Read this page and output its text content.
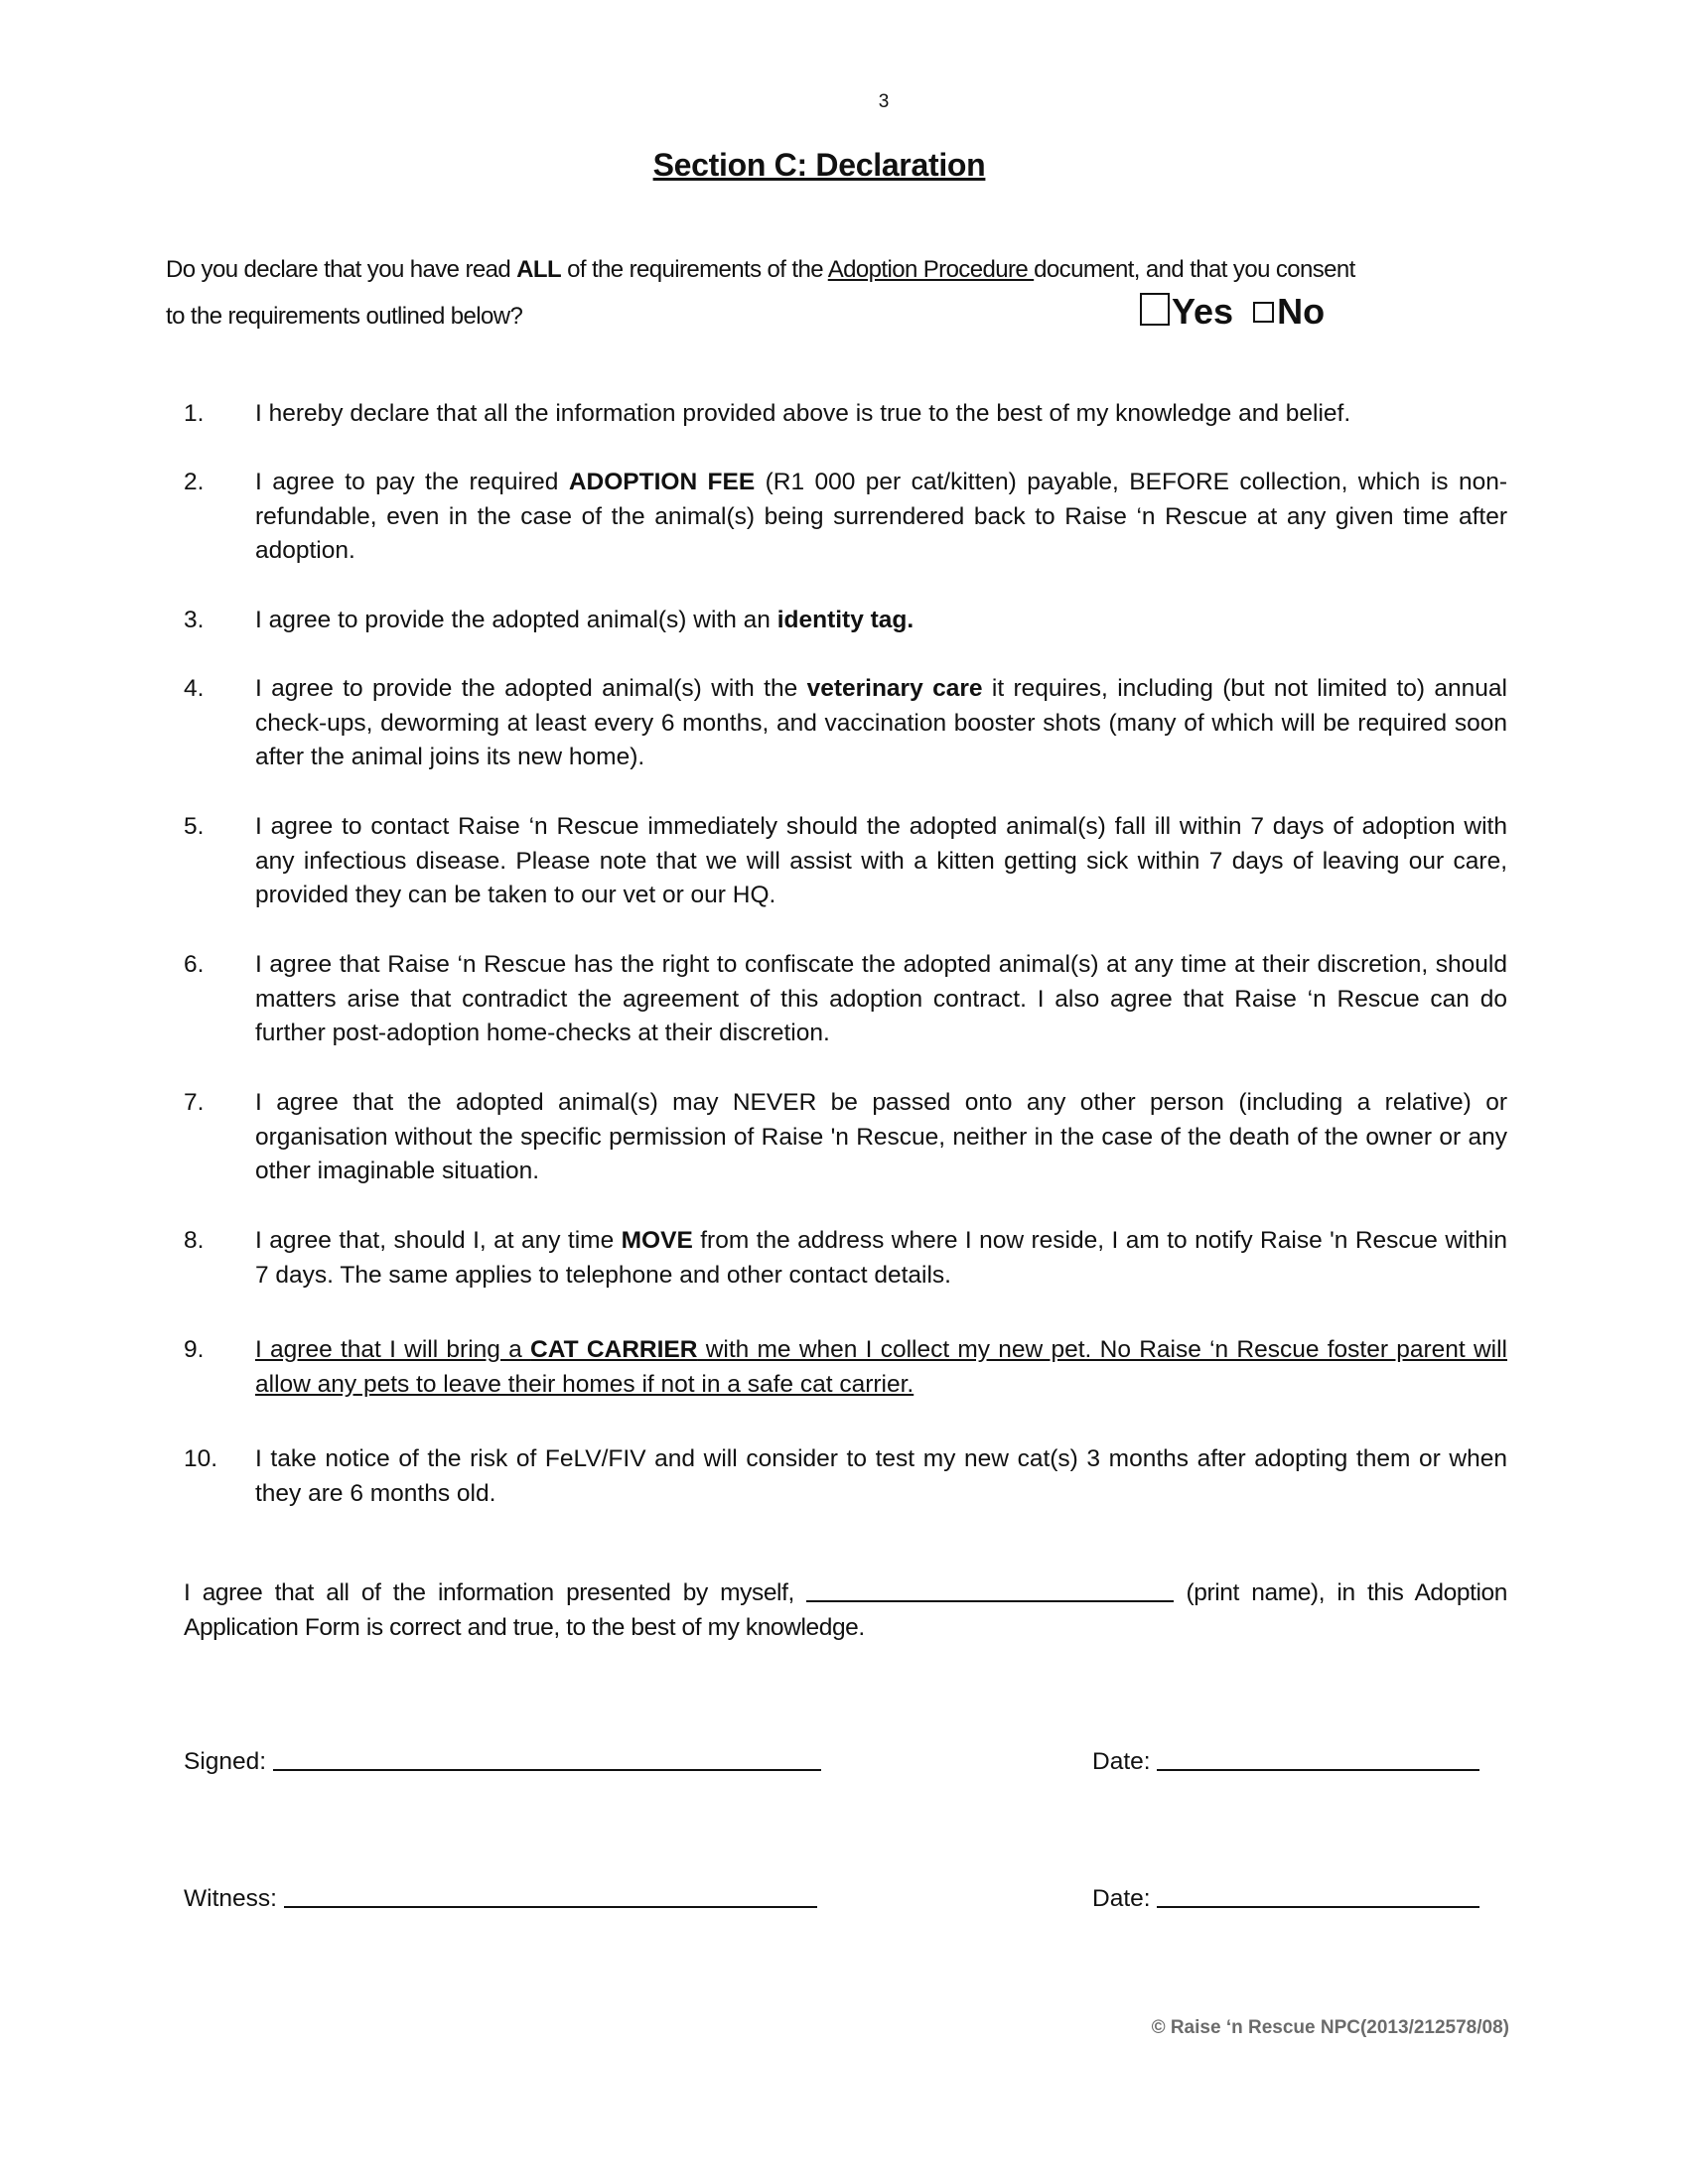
3
Section C: Declaration
Do you declare that you have read ALL of the requirements of the Adoption Procedure document, and that you consent
to the requirements outlined below?	Yes No
1. I hereby declare that all the information provided above is true to the best of my knowledge and belief.
2. I agree to pay the required ADOPTION FEE (R1 000 per cat/kitten) payable, BEFORE collection, which is non-refundable, even in the case of the animal(s) being surrendered back to Raise ‘n Rescue at any given time after adoption.
3. I agree to provide the adopted animal(s) with an identity tag.
4. I agree to provide the adopted animal(s) with the veterinary care it requires, including (but not limited to) annual check-ups, deworming at least every 6 months, and vaccination booster shots (many of which will be required soon after the animal joins its new home).
5. I agree to contact Raise ‘n Rescue immediately should the adopted animal(s) fall ill within 7 days of adoption with any infectious disease. Please note that we will assist with a kitten getting sick within 7 days of leaving our care, provided they can be taken to our vet or our HQ.
6. I agree that Raise ‘n Rescue has the right to confiscate the adopted animal(s) at any time at their discretion, should matters arise that contradict the agreement of this adoption contract. I also agree that Raise ‘n Rescue can do further post-adoption home-checks at their discretion.
7. I agree that the adopted animal(s) may NEVER be passed onto any other person (including a relative) or organisation without the specific permission of Raise 'n Rescue, neither in the case of the death of the owner or any other imaginable situation.
8. I agree that, should I, at any time MOVE from the address where I now reside, I am to notify Raise 'n Rescue within 7 days. The same applies to telephone and other contact details.
9. I agree that I will bring a CAT CARRIER with me when I collect my new pet. No Raise ‘n Rescue foster parent will allow any pets to leave their homes if not in a safe cat carrier.
10. I take notice of the risk of FeLV/FIV and will consider to test my new cat(s) 3 months after adopting them or when they are 6 months old.
I agree that all of the information presented by myself,	(print name), in this Adoption Application Form is correct and true, to the best of my knowledge.
Signed:	Date:
Witness:	Date:
© Raise ‘n Rescue NPC(2013/212578/08)
